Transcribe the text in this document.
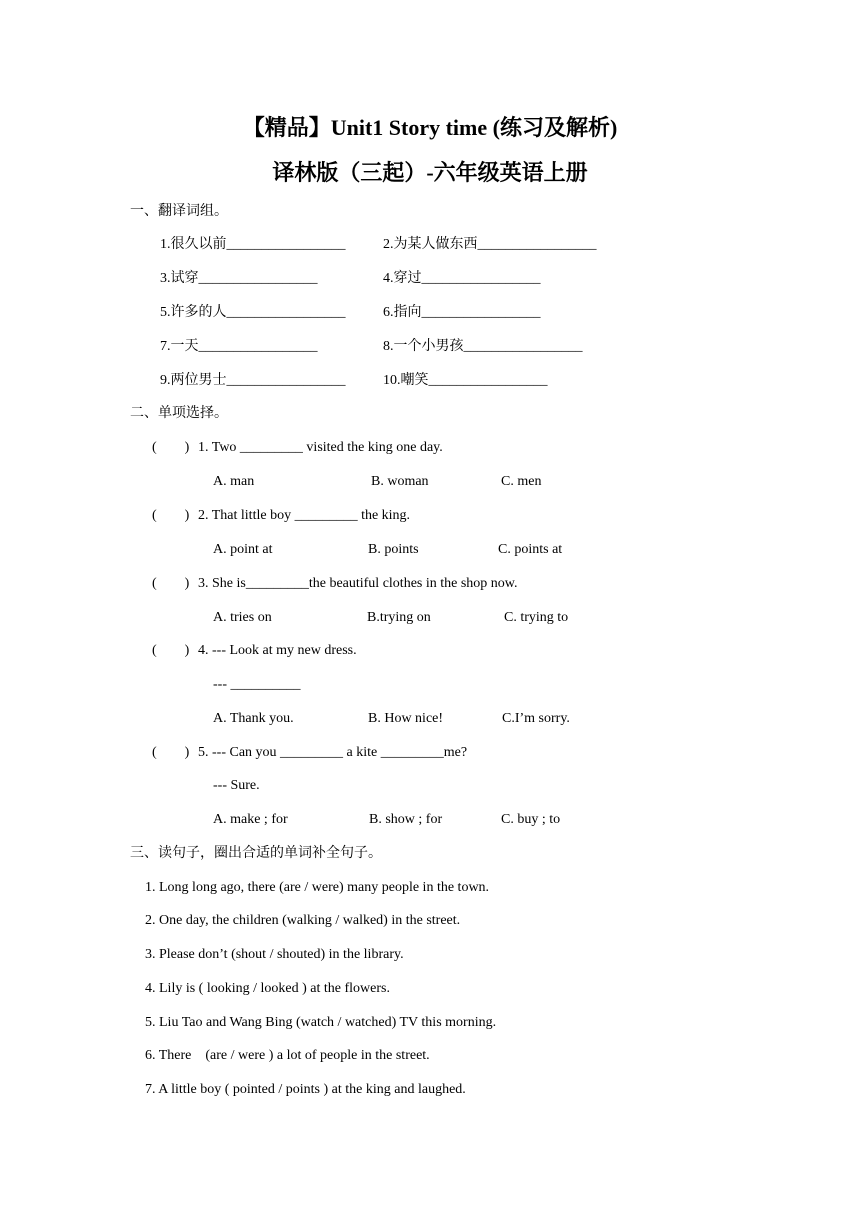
【精品】Unit1 Story time (练习及解析)
译林版（三起）-六年级英语上册
一、翻译词组。
1.很久以前_________________	2.为某人做东西_________________
3.试穿_________________	4.穿过_________________
5.许多的人_________________	6.指向_________________
7.一天_________________	8.一个小男孩_________________
9.两位男士_________________	10.嘲笑_________________
二、单项选择。
(        ) 1. Two _________ visited the king one day.
A. man	B. woman	C. men
(        ) 2. That little boy _________ the king.
A. point at	B. points	C. points at
(        ) 3. She is_________the beautiful clothes in the shop now.
A. tries on	B.trying on	C. trying to
(        ) 4. --- Look at my new dress.
--- __________
A. Thank you.	B. How nice!	C.I’m sorry.
(        ) 5. --- Can you _________ a kite _________me?
--- Sure.
A. make ; for	B. show ; for	C. buy ; to
三、读句子，圈出合适的单词补全句子。
1. Long long ago, there (are / were) many people in the town.
2. One day, the children (walking / walked) in the street.
3. Please don’t (shout / shouted) in the library.
4. Lily is ( looking / looked ) at the flowers.
5. Liu Tao and Wang Bing (watch / watched) TV this morning.
6. There    (are / were ) a lot of people in the street.
7. A little boy ( pointed / points ) at the king and laughed.
